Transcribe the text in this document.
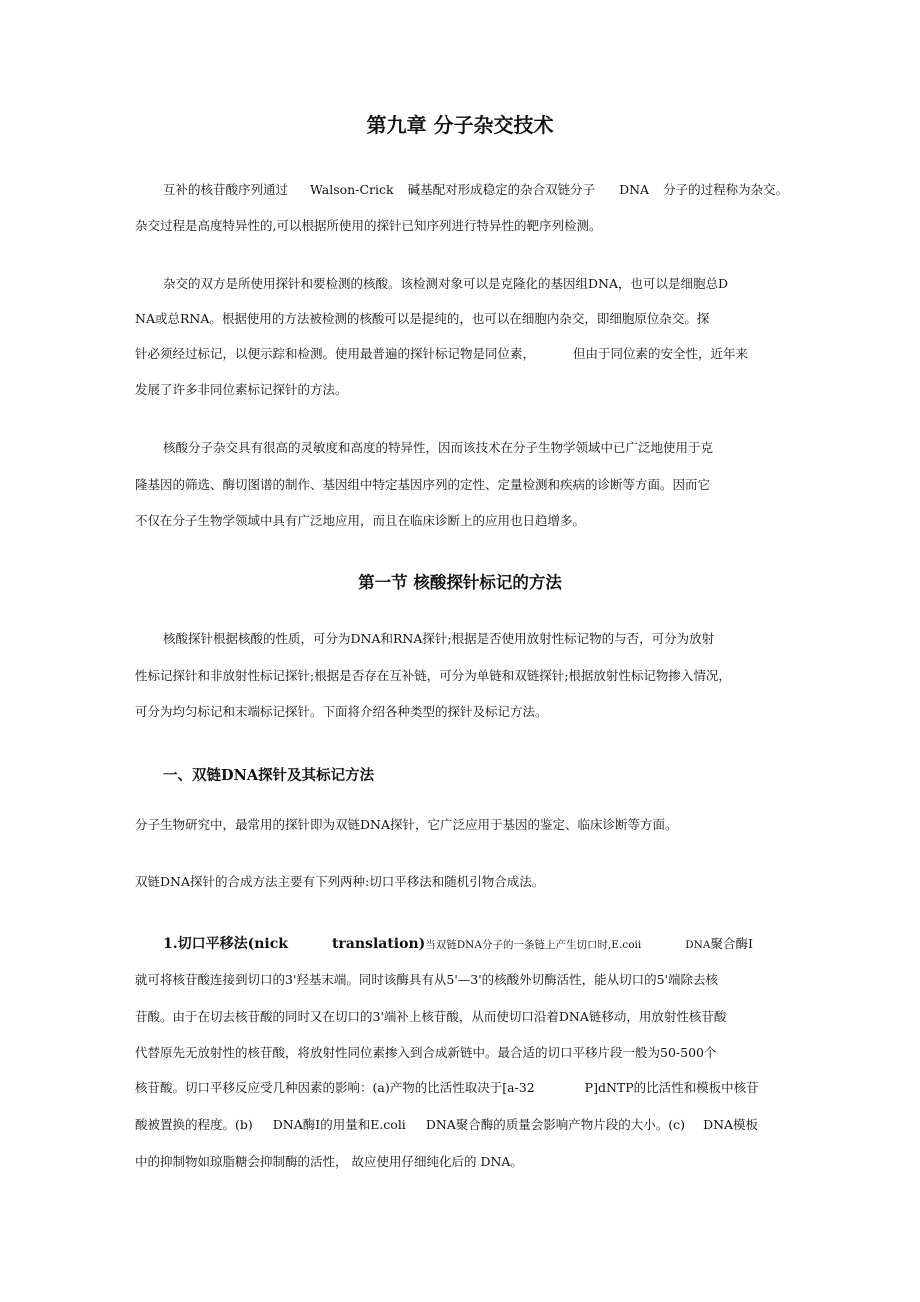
第九章 分子杂交技术
互补的核苷酸序列通过 Walson-Crick 碱基配对形成稳定的杂合双链分子 DNA 分子的过程称为杂交。
杂交过程是高度特异性的,可以根据所使用的探针已知序列进行特异性的靶序列检测。
杂交的双方是所使用探针和要检测的核酸。该检测对象可以是克隆化的基因组DNA，也可以是细胞总D
NA或总RNA。根据使用的方法被检测的核酸可以是提纯的，也可以在细胞内杂交，即细胞原位杂交。探
针必须经过标记，以便示踪和检测。使用最普遍的探针标记物是同位素，	但由于同位素的安全性，近年来
发展了许多非同位素标记探针的方法。
核酸分子杂交具有很高的灵敏度和高度的特异性，因而该技术在分子生物学领域中已广泛地使用于克
隆基因的筛选、酶切图谱的制作、基因组中特定基因序列的定性、定量检测和疾病的诊断等方面。因而它
不仅在分子生物学领域中具有广泛地应用，而且在临床诊断上的应用也日趋增多。
第一节 核酸探针标记的方法
核酸探针根据核酸的性质，可分为DNA和RNA探针;根据是否使用放射性标记物的与否，可分为放射
性标记探针和非放射性标记探针;根据是否存在互补链，可分为单链和双链探针;根据放射性标记物掺入情况，
可分为均匀标记和末端标记探针。下面将介绍各种类型的探针及标记方法。
一、双链DNA探针及其标记方法
分子生物研究中，最常用的探针即为双链DNA探针，它广泛应用于基因的鉴定、临床诊断等方面。
双链DNA探针的合成方法主要有下列两种:切口平移法和随机引物合成法。
1.切口平移法(nick	translation)当双链DNA分子的一条链上产生切口时,E.coii	DNA聚合酶I
就可将核苷酸连接到切口的3'羟基末端。同时该酶具有从5'—3'的核酸外切酶活性，能从切口的5'端除去核
苷酸。由于在切去核苷酸的同时又在切口的3'端补上核苷酸，从而使切口沿着DNA链移动，用放射性核苷酸
代替原先无放射性的核苷酸，将放射性同位素掺入到合成新链中。最合适的切口平移片段一般为50-500个
核苷酸。切口平移反应受几种因素的影响：(a)产物的比活性取决于[a-32	P]dNTP的比活性和模板中核苷
酸被置换的程度。(b) DNA酶I的用量和E.coli DNA聚合酶的质量会影响产物片段的大小。(c) DNA模板
中的抑制物如琼脂糖会抑制酶的活性， 故应使用仔细纯化后的 DNA。
